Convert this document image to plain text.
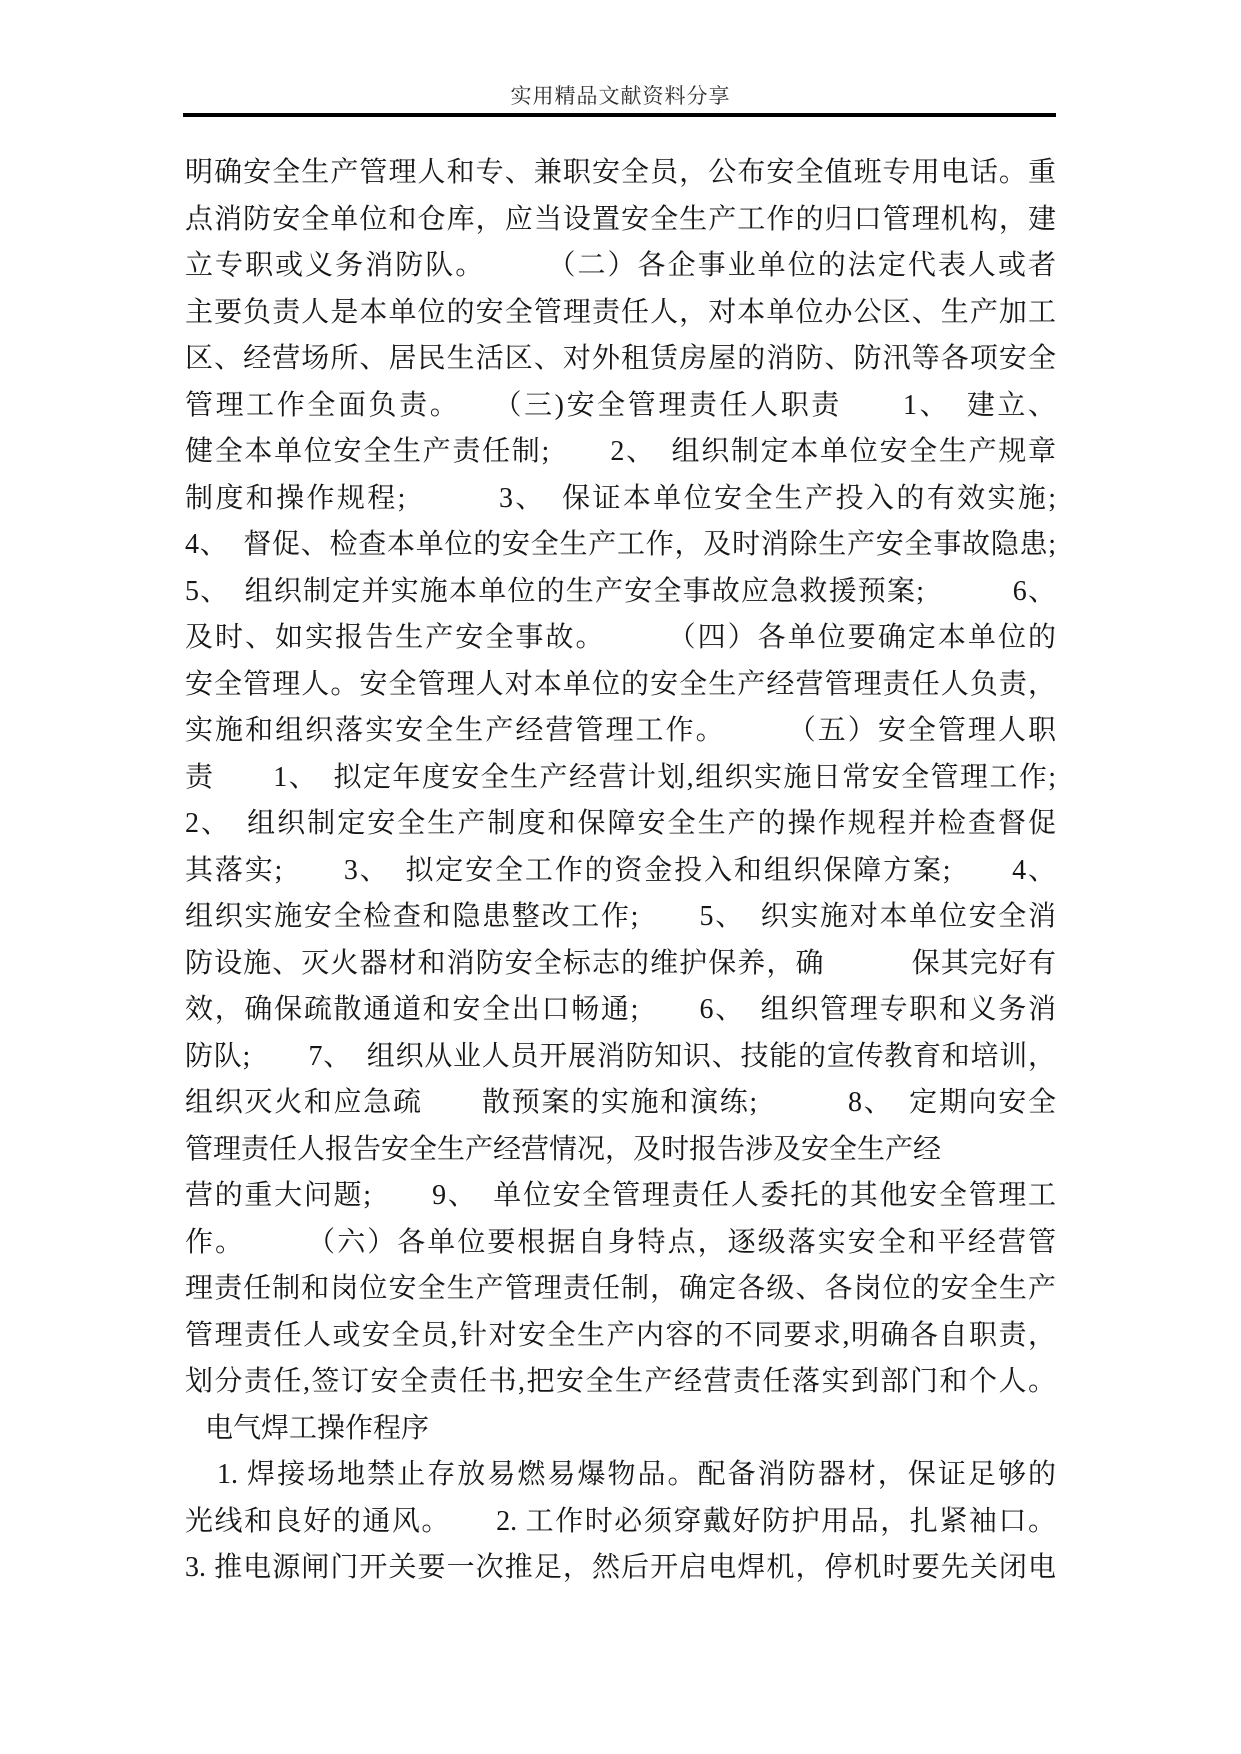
实用精品文献资料分享
明确安全生产管理人和专、兼职安全员，公布安全值班专用电话。重
点消防安全单位和仓库，应当设置安全生产工作的归口管理机构，建
立专职或义务消防队。　　　（二）各企事业单位的法定代表人或者
主要负责人是本单位的安全管理责任人，对本单位办公区、生产加工
区、经营场所、居民生活区、对外租赁房屋的消防、防汛等各项安全
管理工作全面负责。　　（三)安全管理责任人职责　　1、　建立、
健全本单位安全生产责任制;　　2、　组织制定本单位安全生产规章
制度和操作规程;　　　3、　保证本单位安全生产投入的有效实施;
4、　督促、检查本单位的安全生产工作，及时消除生产安全事故隐患;
5、　组织制定并实施本单位的生产安全事故应急救援预案;　　　6、
及时、如实报告生产安全事故。　　　（四）各单位要确定本单位的
安全管理人。安全管理人对本单位的安全生产经营管理责任人负责，
实施和组织落实安全生产经营管理工作。　　　（五）安全管理人职
责　　1、　拟定年度安全生产经营计划,组织实施日常安全管理工作;
2、　组织制定安全生产制度和保障安全生产的操作规程并检查督促
其落实;　　3、　拟定安全工作的资金投入和组织保障方案;　　4、
组织实施安全检查和隐患整改工作;　　5、　织实施对本单位安全消
防设施、灭火器材和消防安全标志的维护保养，确　　　保其完好有
效，确保疏散通道和安全出口畅通;　　6、　组织管理专职和义务消
防队;　　7、　组织从业人员开展消防知识、技能的宣传教育和培训，
组织灭火和应急疏　　散预案的实施和演练;　　　8、　定期向安全
管理责任人报告安全生产经营情况，及时报告涉及安全生产经
营的重大问题;　　9、　单位安全管理责任人委托的其他安全管理工
作。　　　（六）各单位要根据自身特点，逐级落实安全和平经营管
理责任制和岗位安全生产管理责任制，确定各级、各岗位的安全生产
管理责任人或安全员,针对安全生产内容的不同要求,明确各自职责，
划分责任,签订安全责任书,把安全生产经营责任落实到部门和个人。
电气焊工操作程序
1. 焊接场地禁止存放易燃易爆物品。配备消防器材，保证足够的
光线和良好的通风。　　2. 工作时必须穿戴好防护用品，扎紧袖口。
3. 推电源闸门开关要一次推足，然后开启电焊机，停机时要先关闭电
